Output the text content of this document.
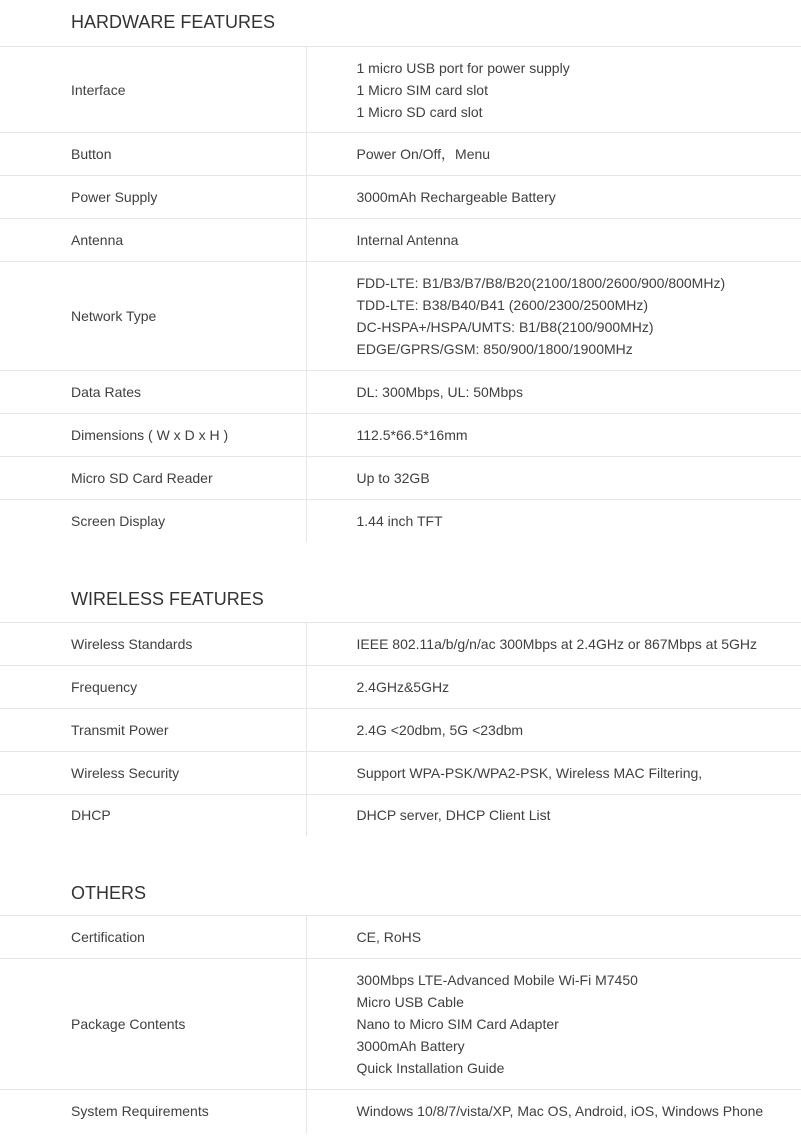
HARDWARE FEATURES
Interface	1 micro USB port for power supply
1 Micro SIM card slot
1 Micro SD card slot

Button	Power On/Off，Menu

Power Supply	3000mAh Rechargeable Battery

Antenna	Internal Antenna

Network Type	FDD-LTE: B1/B3/B7/B8/B20(2100/1800/2600/900/800MHz)
TDD-LTE: B38/B40/B41 (2600/2300/2500MHz)
DC-HSPA+/HSPA/UMTS: B1/B8(2100/900MHz)
EDGE/GPRS/GSM: 850/900/1800/1900MHz

Data Rates	DL: 300Mbps, UL: 50Mbps

Dimensions ( W x D x H )	112.5*66.5*16mm

Micro SD Card Reader	Up to 32GB

Screen Display	1.44 inch TFT
WIRELESS FEATURES
Wireless Standards	IEEE 802.11a/b/g/n/ac 300Mbps at 2.4GHz or 867Mbps at 5GHz

Frequency	2.4GHz&5GHz

Transmit Power	2.4G <20dbm, 5G <23dbm

Wireless Security	Support WPA-PSK/WPA2-PSK, Wireless MAC Filtering,

DHCP	DHCP server, DHCP Client List
OTHERS
Certification	CE, RoHS

Package Contents	300Mbps LTE-Advanced Mobile Wi-Fi M7450
Micro USB Cable
Nano to Micro SIM Card Adapter
3000mAh Battery
Quick Installation Guide

System Requirements	Windows 10/8/7/vista/XP, Mac OS, Android, iOS, Windows Phone
